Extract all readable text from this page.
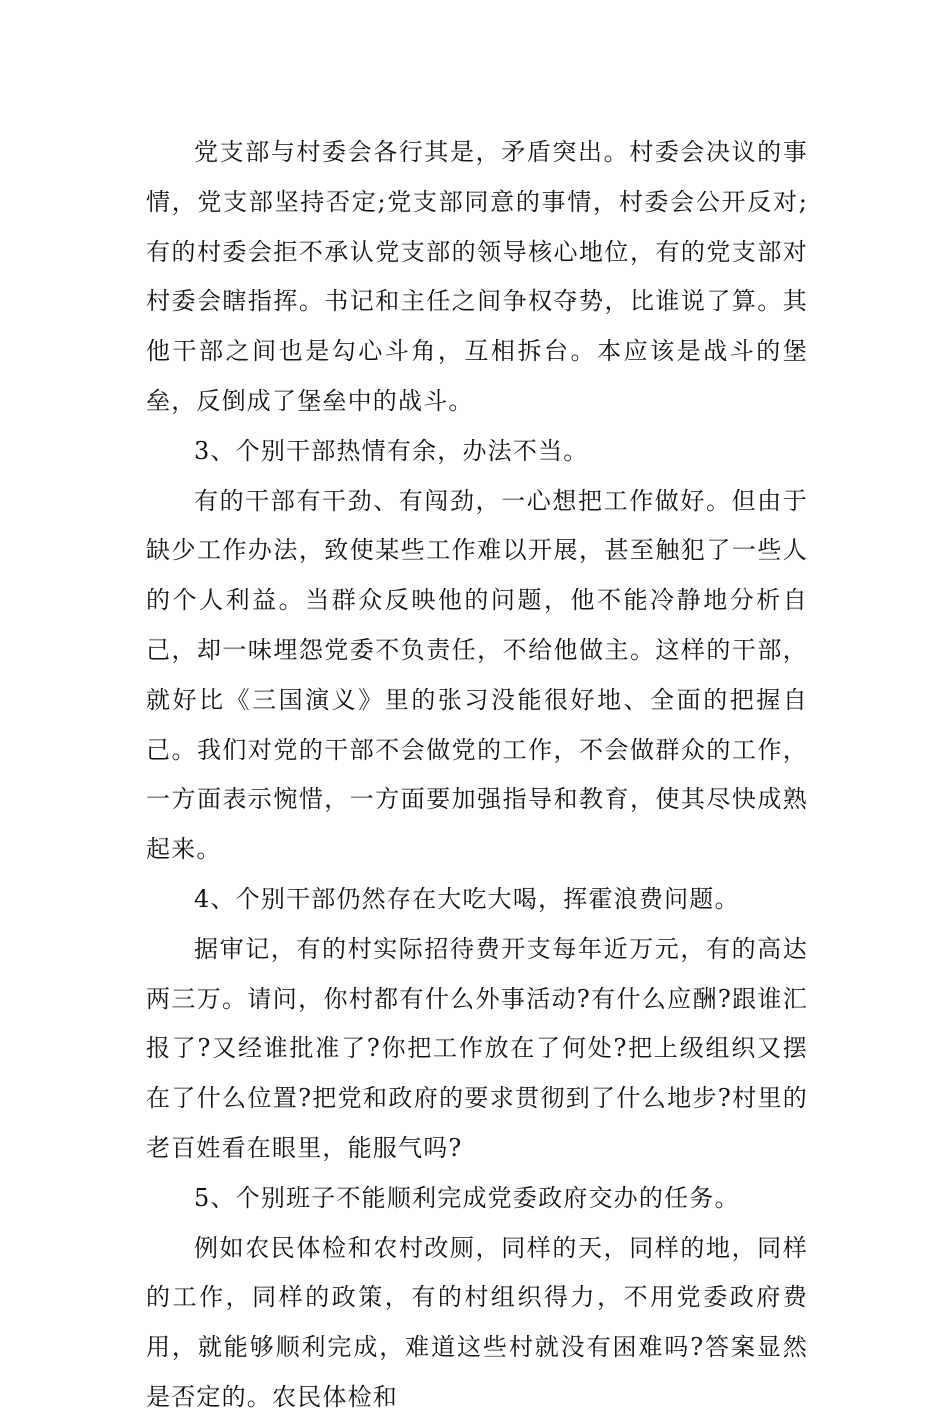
党支部与村委会各行其是，矛盾突出。村委会决议的事情，党支部坚持否定;党支部同意的事情，村委会公开反对;有的村委会拒不承认党支部的领导核心地位，有的党支部对村委会瞎指挥。书记和主任之间争权夺势，比谁说了算。其他干部之间也是勾心斗角，互相拆台。本应该是战斗的堡垒，反倒成了堡垒中的战斗。

3、个别干部热情有余，办法不当。

有的干部有干劲、有闯劲，一心想把工作做好。但由于缺少工作办法，致使某些工作难以开展，甚至触犯了一些人的个人利益。当群众反映他的问题，他不能冷静地分析自己，却一味埋怨党委不负责任，不给他做主。这样的干部，就好比《三国演义》里的张习没能很好地、全面的把握自己。我们对党的干部不会做党的工作，不会做群众的工作，一方面表示惋惜，一方面要加强指导和教育，使其尽快成熟起来。

4、个别干部仍然存在大吃大喝，挥霍浪费问题。

据审记，有的村实际招待费开支每年近万元，有的高达两三万。请问，你村都有什么外事活动?有什么应酬?跟谁汇报了?又经谁批准了?你把工作放在了何处?把上级组织又摆在了什么位置?把党和政府的要求贯彻到了什么地步?村里的老百姓看在眼里，能服气吗?

5、个别班子不能顺利完成党委政府交办的任务。

例如农民体检和农村改厕，同样的天，同样的地，同样的工作，同样的政策，有的村组织得力，不用党委政府费用，就能够顺利完成，难道这些村就没有困难吗?答案显然是否定的。农民体检和
